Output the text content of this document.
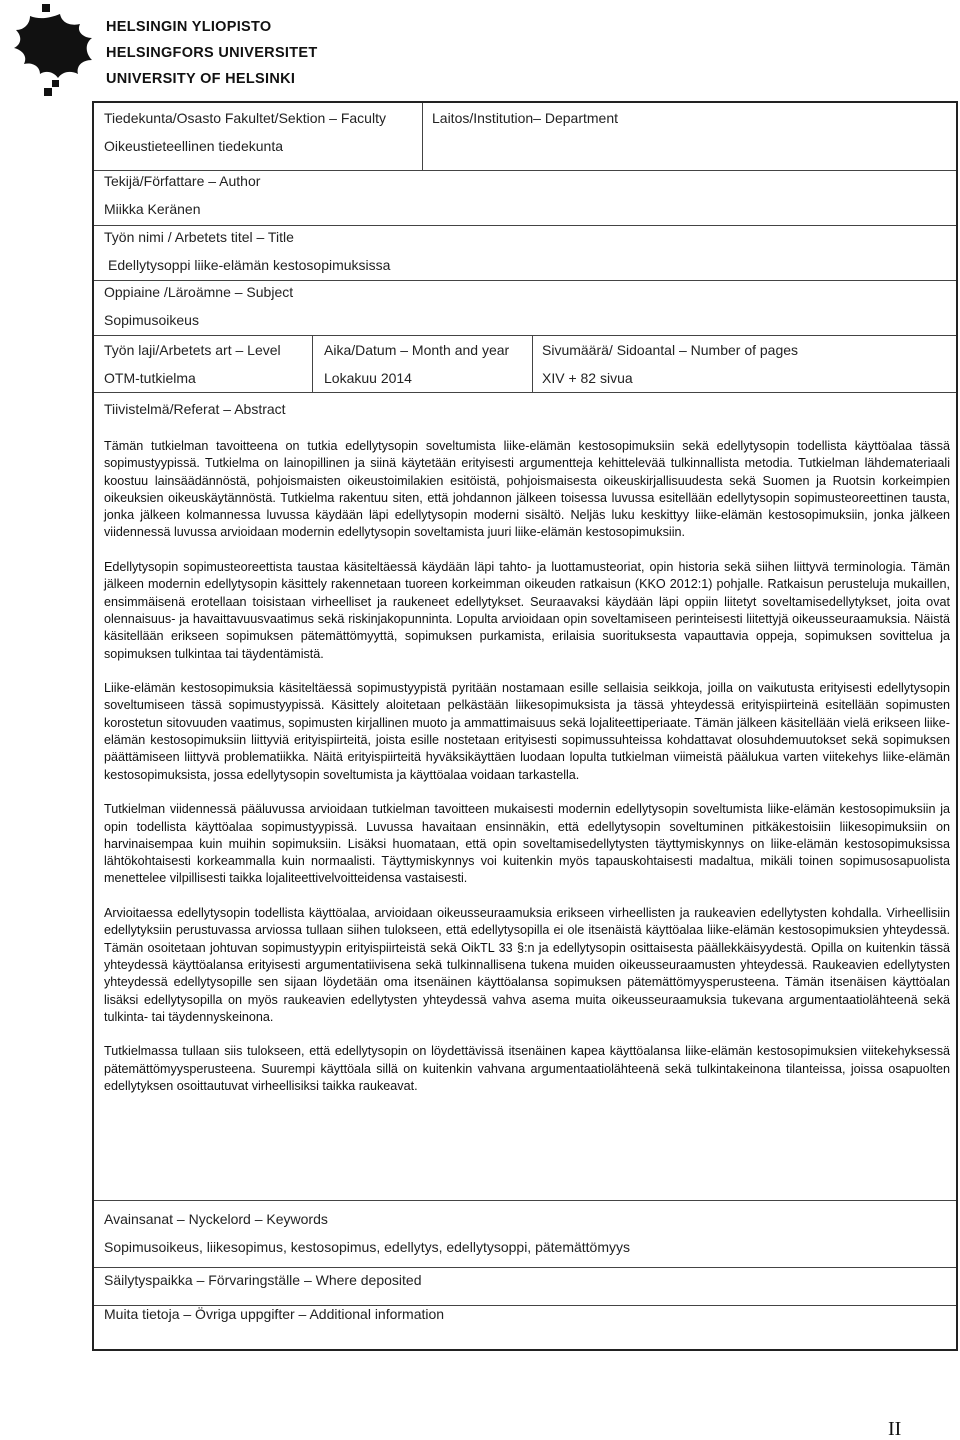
HELSINGIN YLIOPISTO
HELSINGFORS UNIVERSITET
UNIVERSITY OF HELSINKI
Tiedekunta/Osasto Fakultet/Sektion – Faculty
Oikeustieteellinen tiedekunta
Laitos/Institution– Department
Tekijä/Författare – Author
Miikka Keränen
Työn nimi / Arbetets titel – Title
Edellytysoppi liike-elämän kestosopimuksissa
Oppiaine /Läroämne – Subject
Sopimusoikeus
Työn laji/Arbetets art – Level
OTM-tutkielma
Aika/Datum – Month and year
Lokakuu 2014
Sivumäärä/ Sidoantal – Number of pages
XIV + 82 sivua
Tiivistelmä/Referat – Abstract

Tämän tutkielman tavoitteena on tutkia edellytysopin soveltumista liike-elämän kestosopimuksiin sekä edellytysopin todellista käyttöalaa tässä sopimustyypissä. Tutkielma on lainopillinen ja siinä käytetään erityisesti argumentteja kehittelevää tulkinnallista metodia. Tutkielman lähdemateriaali koostuu lainsäädännöstä, pohjoismaisten oikeustoimilakien esitöistä, pohjoismaisesta oikeuskirjallisuudesta sekä Suomen ja Ruotsin korkeimpien oikeuksien oikeuskäytännöstä. Tutkielma rakentuu siten, että johdannon jälkeen toisessa luvussa esitellään edellytysopin sopimusteoreettinen tausta, jonka jälkeen kolmannessa luvussa käydään läpi edellytysopin moderni sisältö. Neljäs luku keskittyy liike-elämän kestosopimuksiin, jonka jälkeen viidennessä luvussa arvioidaan modernin edellytysopin soveltamista juuri liike-elämän kestosopimuksiin.

Edellytysopin sopimusteoreettista taustaa käsiteltäessä käydään läpi tahto- ja luottamusteoriat, opin historia sekä siihen liittyvä terminologia. Tämän jälkeen modernin edellytysopin käsittely rakennetaan tuoreen korkeimman oikeuden ratkaisun (KKO 2012:1) pohjalle. Ratkaisun perusteluja mukaillen, ensimmäisenä erotellaan toisistaan virheelliset ja raukeneet edellytykset. Seuraavaksi käydään läpi oppiin liitetyt soveltamisedellytykset, joita ovat olennaisuus- ja havaittavuusvaatimus sekä riskinjakopunninta. Lopulta arvioidaan opin soveltamiseen perinteisesti liitettyjä oikeusseuraamuksia. Näistä käsitellään erikseen sopimuksen pätemättömyyttä, sopimuksen purkamista, erilaisia suorituksesta vapauttavia oppeja, sopimuksen sovittelua ja sopimuksen tulkintaa tai täydentämistä.

Liike-elämän kestosopimuksia käsiteltäessä sopimustyypistä pyritään nostamaan esille sellaisia seikkoja, joilla on vaikutusta erityisesti edellytysopin soveltumiseen tässä sopimustyypissä. Käsittely aloitetaan pelkästään liikesopimuksista ja tässä yhteydessä erityispiirteinä esitellään sopimusten korostetun sitovuuden vaatimus, sopimusten kirjallinen muoto ja ammattimaisuus sekä lojaliteettiperiaate. Tämän jälkeen käsitellään vielä erikseen liike-elämän kestosopimuksiin liittyviä erityispiirteitä, joista esille nostetaan erityisesti sopimussuhteissa kohdattavat olosuhdemuutokset sekä sopimuksen päättämiseen liittyvä problematiikka. Näitä erityispiirteitä hyväksikäyttäen luodaan lopulta tutkielman viimeistä päälukua varten viitekehys liike-elämän kestosopimuksista, jossa edellytysopin soveltumista ja käyttöalaa voidaan tarkastella.

Tutkielman viidennessä pääluvussa arvioidaan tutkielman tavoitteen mukaisesti modernin edellytysopin soveltumista liike-elämän kestosopimuksiin ja opin todellista käyttöalaa sopimustyypissä. Luvussa havaitaan ensinnäkin, että edellytysopin soveltuminen pitkäkestoisiin liikesopimuksiin on harvinaisempaa kuin muihin sopimuksiin. Lisäksi huomataan, että opin soveltamisedellytysten täyttymiskynnys on liike-elämän kestosopimuksissa lähtökohtaisesti korkeammalla kuin normaalisti. Täyttymiskynnys voi kuitenkin myös tapauskohtaisesti madaltua, mikäli toinen sopimusosapuolista menettelee vilpillisesti taikka lojaliteettivelvoitteidensa vastaisesti.

Arvioitaessa edellytysopin todellista käyttöalaa, arvioidaan oikeusseuraamuksia erikseen virheellisten ja raukeavien edellytysten kohdalla. Virheellisiin edellytyksiin perustuvassa arviossa tullaan siihen tulokseen, että edellytysopilla ei ole itsenäistä käyttöalaa liike-elämän kestosopimuksien yhteydessä. Tämän osoitetaan johtuvan sopimustyypin erityispiirteistä sekä OikTL 33 §:n ja edellytysopin osittaisesta päällekkäisyydestä. Opilla on kuitenkin tässä yhteydessä käyttöalansa erityisesti argumentatiivisena sekä tulkinnallisena tukena muiden oikeusseuraamusten yhteydessä. Raukeavien edellytysten yhteydessä edellytysopille sen sijaan löydetään oma itsenäinen käyttöalansa sopimuksen pätemättömyysperusteena. Tämän itsenäisen käyttöalan lisäksi edellytysopilla on myös raukeavien edellytysten yhteydessä vahva asema muita oikeusseuraamuksia tukevana argumentaatiolähteenä sekä tulkinta- tai täydennyskeinona.

Tutkielmassa tullaan siis tulokseen, että edellytysopin on löydettävissä itsenäinen kapea käyttöalansa liike-elämän kestosopimuksien viitekehyksessä pätemättömyysperusteena. Suurempi käyttöala sillä on kuitenkin vahvana argumentaatiolähteenä sekä tulkintakeinona tilanteissa, joissa osapuolten edellytyksen osoittautuvat virheellisiksi taikka raukeavat.

Avainsanat – Nyckelord – Keywords
Sopimusoikeus, liikesopimus, kestosopimus, edellytys, edellytysoppi, pätemättömyys
Säilytyspaikka – Förvaringställe – Where deposited
Muita tietoja – Övriga uppgifter – Additional information
II
